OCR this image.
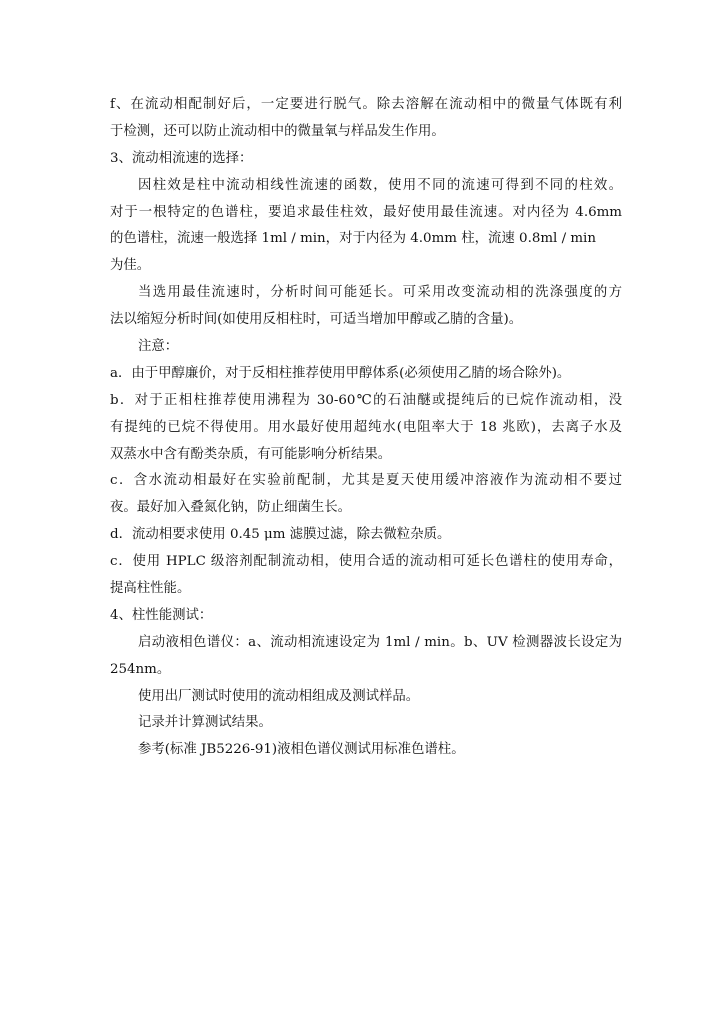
f、在流动相配制好后，一定要进行脱气。除去溶解在流动相中的微量气体既有利
于检测，还可以防止流动相中的微量氧与样品发生作用。
3、流动相流速的选择：
因柱效是柱中流动相线性流速的函数，使用不同的流速可得到不同的柱效。
对于一根特定的色谱柱，要追求最佳柱效，最好使用最佳流速。对内径为 4.6mm
的色谱柱，流速一般选择 1ml / min，对于内径为 4.0mm 柱，流速 0.8ml / min
为佳。
当选用最佳流速时，分析时间可能延长。可采用改变流动相的洗涤强度的方
法以缩短分析时间(如使用反相柱时，可适当增加甲醇或乙腈的含量)。
注意：
a．由于甲醇廉价，对于反相柱推荐使用甲醇体系(必须使用乙腈的场合除外)。
b．对于正相柱推荐使用沸程为 30-60℃的石油醚或提纯后的已烷作流动相，没
有提纯的已烷不得使用。用水最好使用超纯水(电阻率大于 18 兆欧)，去离子水及
双蒸水中含有酚类杂质，有可能影响分析结果。
c．含水流动相最好在实验前配制，尤其是夏天使用缓冲溶液作为流动相不要过
夜。最好加入叠氮化钠，防止细菌生长。
d．流动相要求使用 0.45 μm 滤膜过滤，除去微粒杂质。
c．使用 HPLC 级溶剂配制流动相，使用合适的流动相可延长色谱柱的使用寿命，
提高柱性能。
4、柱性能测试：
启动液相色谱仪：a、流动相流速设定为 1ml / min。b、UV 检测器波长设定为
254nm。
使用出厂测试时使用的流动相组成及测试样品。
记录并计算测试结果。
参考(标准 JB5226-91)液相色谱仪测试用标准色谱柱。
